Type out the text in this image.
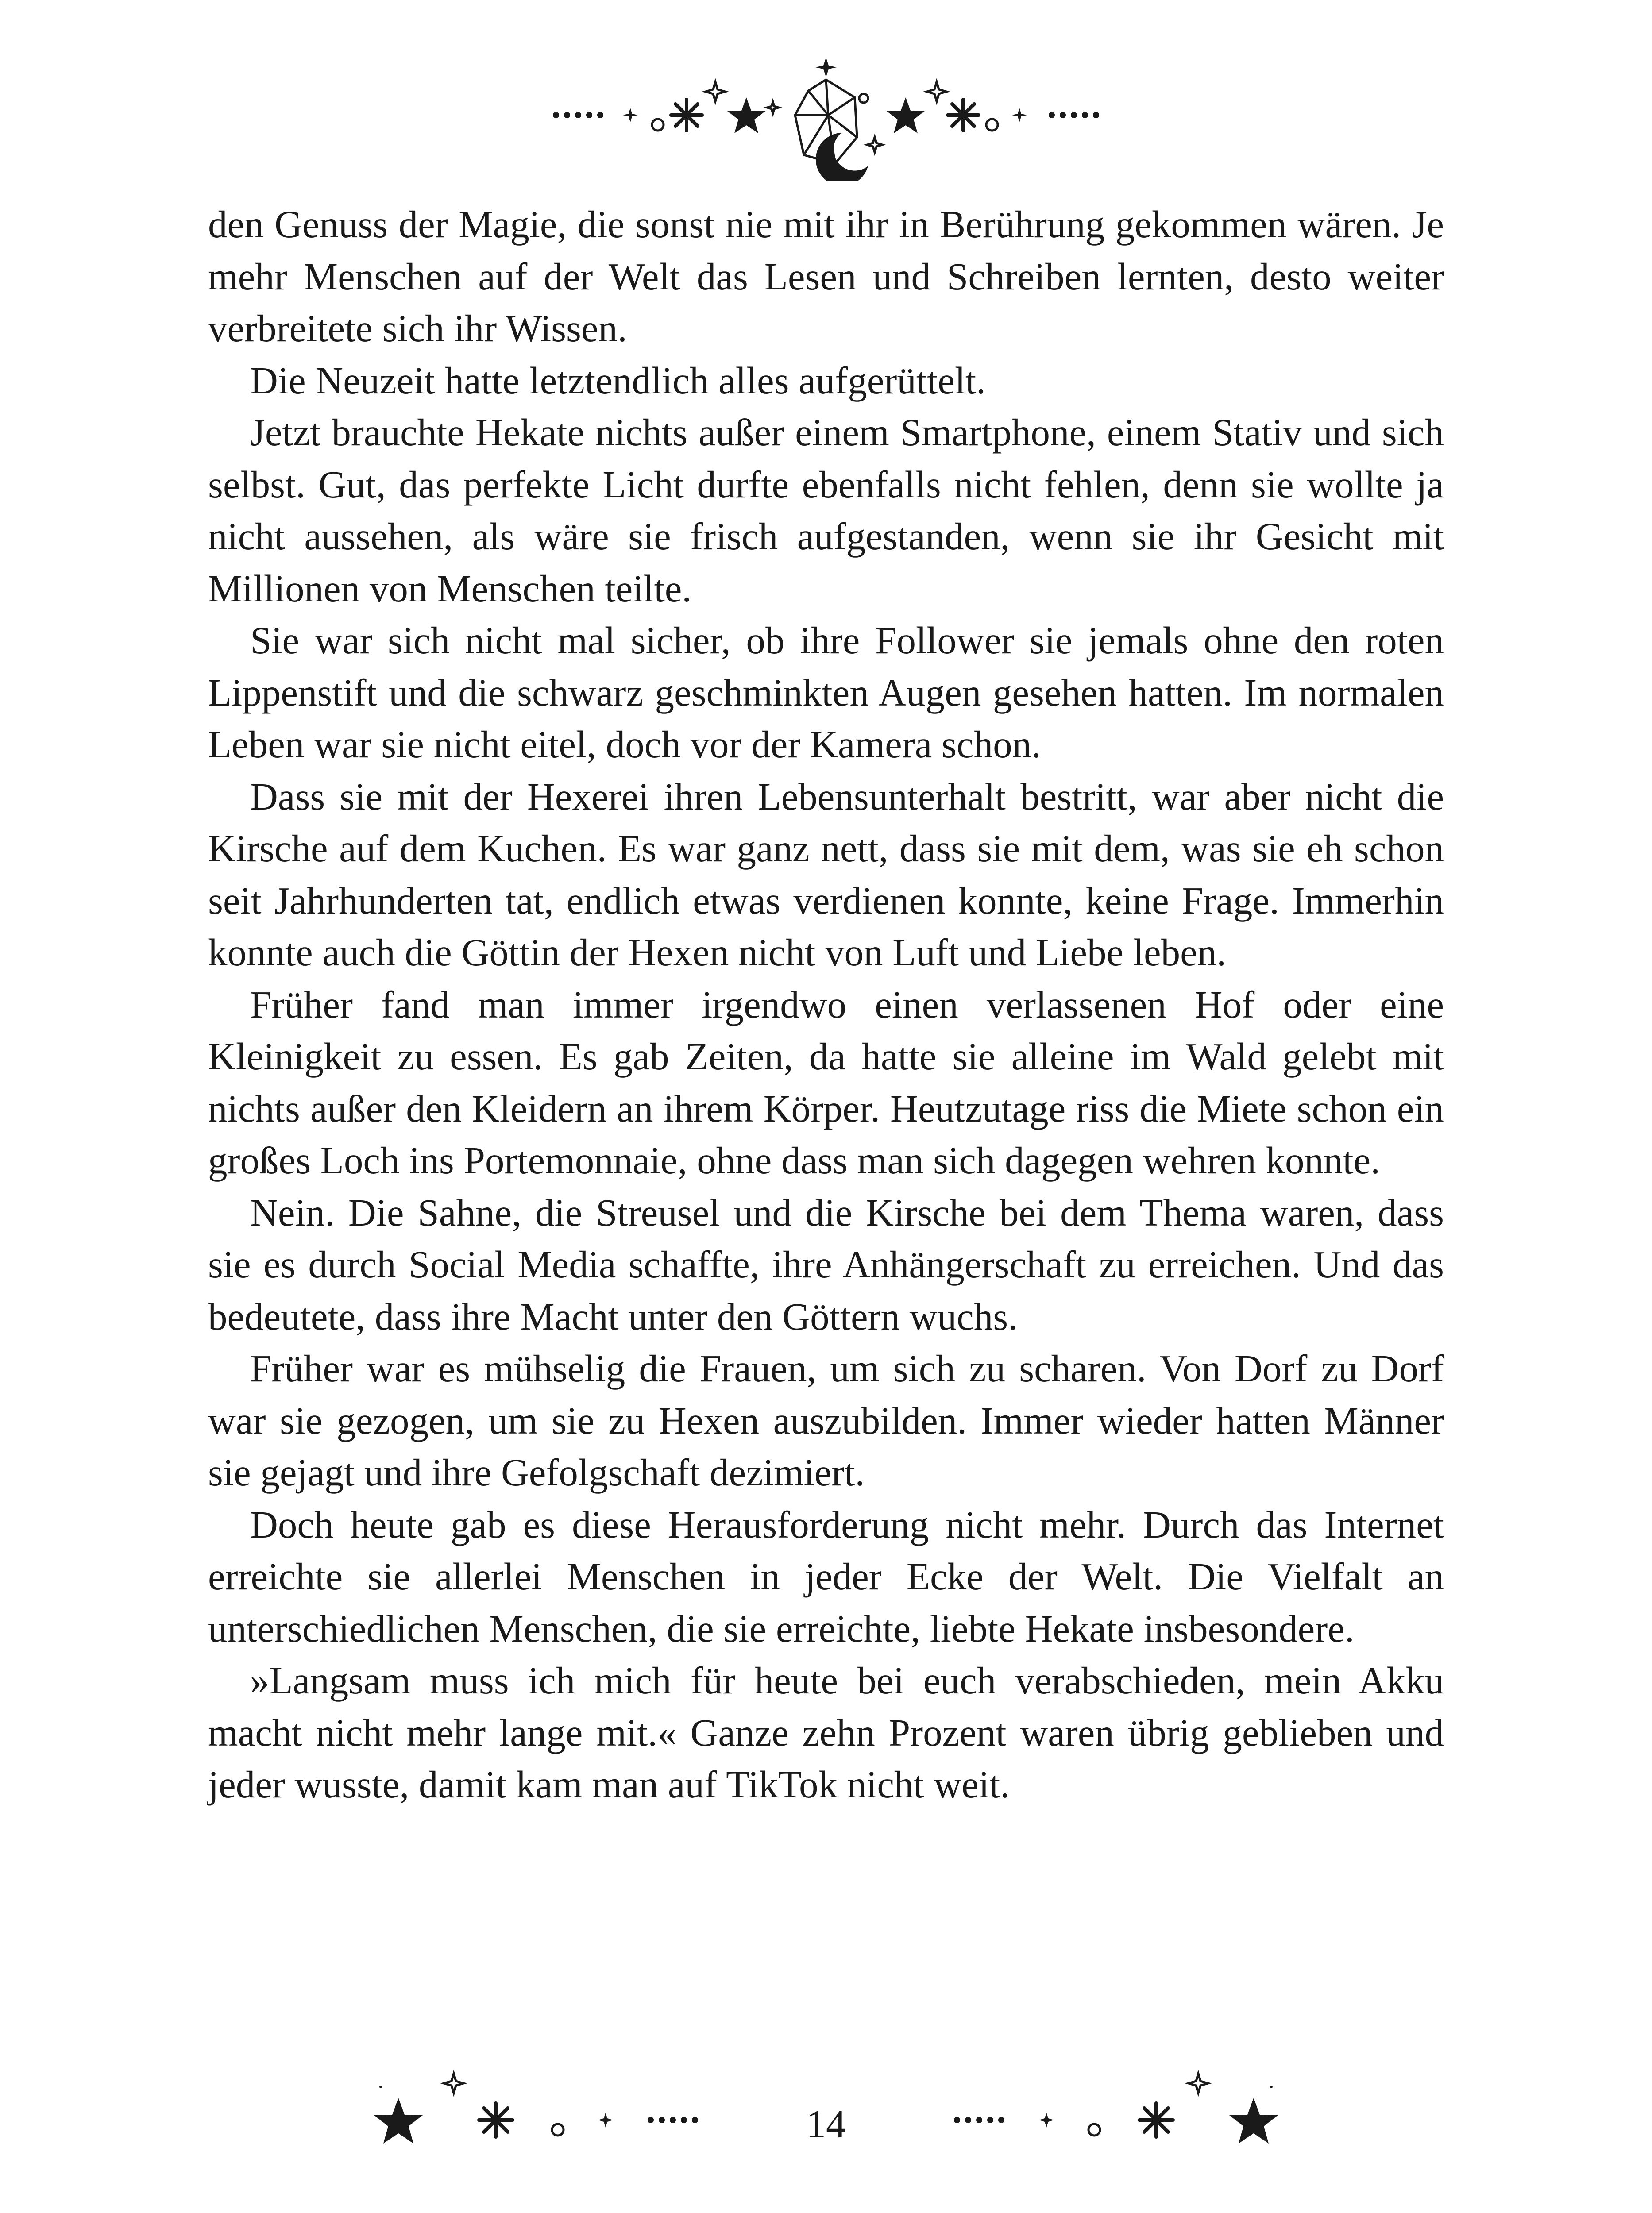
den Genuss der Magie, die sonst nie mit ihr in Berührung gekommen wären. Je mehr Menschen auf der Welt das Lesen und Schreiben lernten, desto weiter verbreitete sich ihr Wissen.

Die Neuzeit hatte letztendlich alles aufgerüttelt.

Jetzt brauchte Hekate nichts außer einem Smartphone, einem Stativ und sich selbst. Gut, das perfekte Licht durfte ebenfalls nicht fehlen, denn sie wollte ja nicht aussehen, als wäre sie frisch aufgestanden, wenn sie ihr Gesicht mit Millionen von Menschen teilte.

Sie war sich nicht mal sicher, ob ihre Follower sie jemals ohne den roten Lippenstift und die schwarz geschminkten Augen gesehen hatten. Im normalen Leben war sie nicht eitel, doch vor der Kamera schon.

Dass sie mit der Hexerei ihren Lebensunterhalt bestritt, war aber nicht die Kirsche auf dem Kuchen. Es war ganz nett, dass sie mit dem, was sie eh schon seit Jahrhunderten tat, endlich etwas verdienen konnte, keine Frage. Immerhin konnte auch die Göttin der Hexen nicht von Luft und Liebe leben.

Früher fand man immer irgendwo einen verlassenen Hof oder eine Kleinigkeit zu essen. Es gab Zeiten, da hatte sie alleine im Wald gelebt mit nichts außer den Kleidern an ihrem Körper. Heutzutage riss die Miete schon ein großes Loch ins Portemonnaie, ohne dass man sich dagegen wehren konnte.

Nein. Die Sahne, die Streusel und die Kirsche bei dem Thema waren, dass sie es durch Social Media schaffte, ihre Anhängerschaft zu erreichen. Und das bedeutete, dass ihre Macht unter den Göttern wuchs.

Früher war es mühselig die Frauen, um sich zu scharen. Von Dorf zu Dorf war sie gezogen, um sie zu Hexen auszubilden. Immer wieder hatten Männer sie gejagt und ihre Gefolgschaft dezimiert.

Doch heute gab es diese Herausforderung nicht mehr. Durch das Internet erreichte sie allerlei Menschen in jeder Ecke der Welt. Die Vielfalt an unterschiedlichen Menschen, die sie erreichte, liebte Hekate insbesondere.

»Langsam muss ich mich für heute bei euch verabschieden, mein Akku macht nicht mehr lange mit.« Ganze zehn Prozent waren übrig geblieben und jeder wusste, damit kam man auf TikTok nicht weit.

14
